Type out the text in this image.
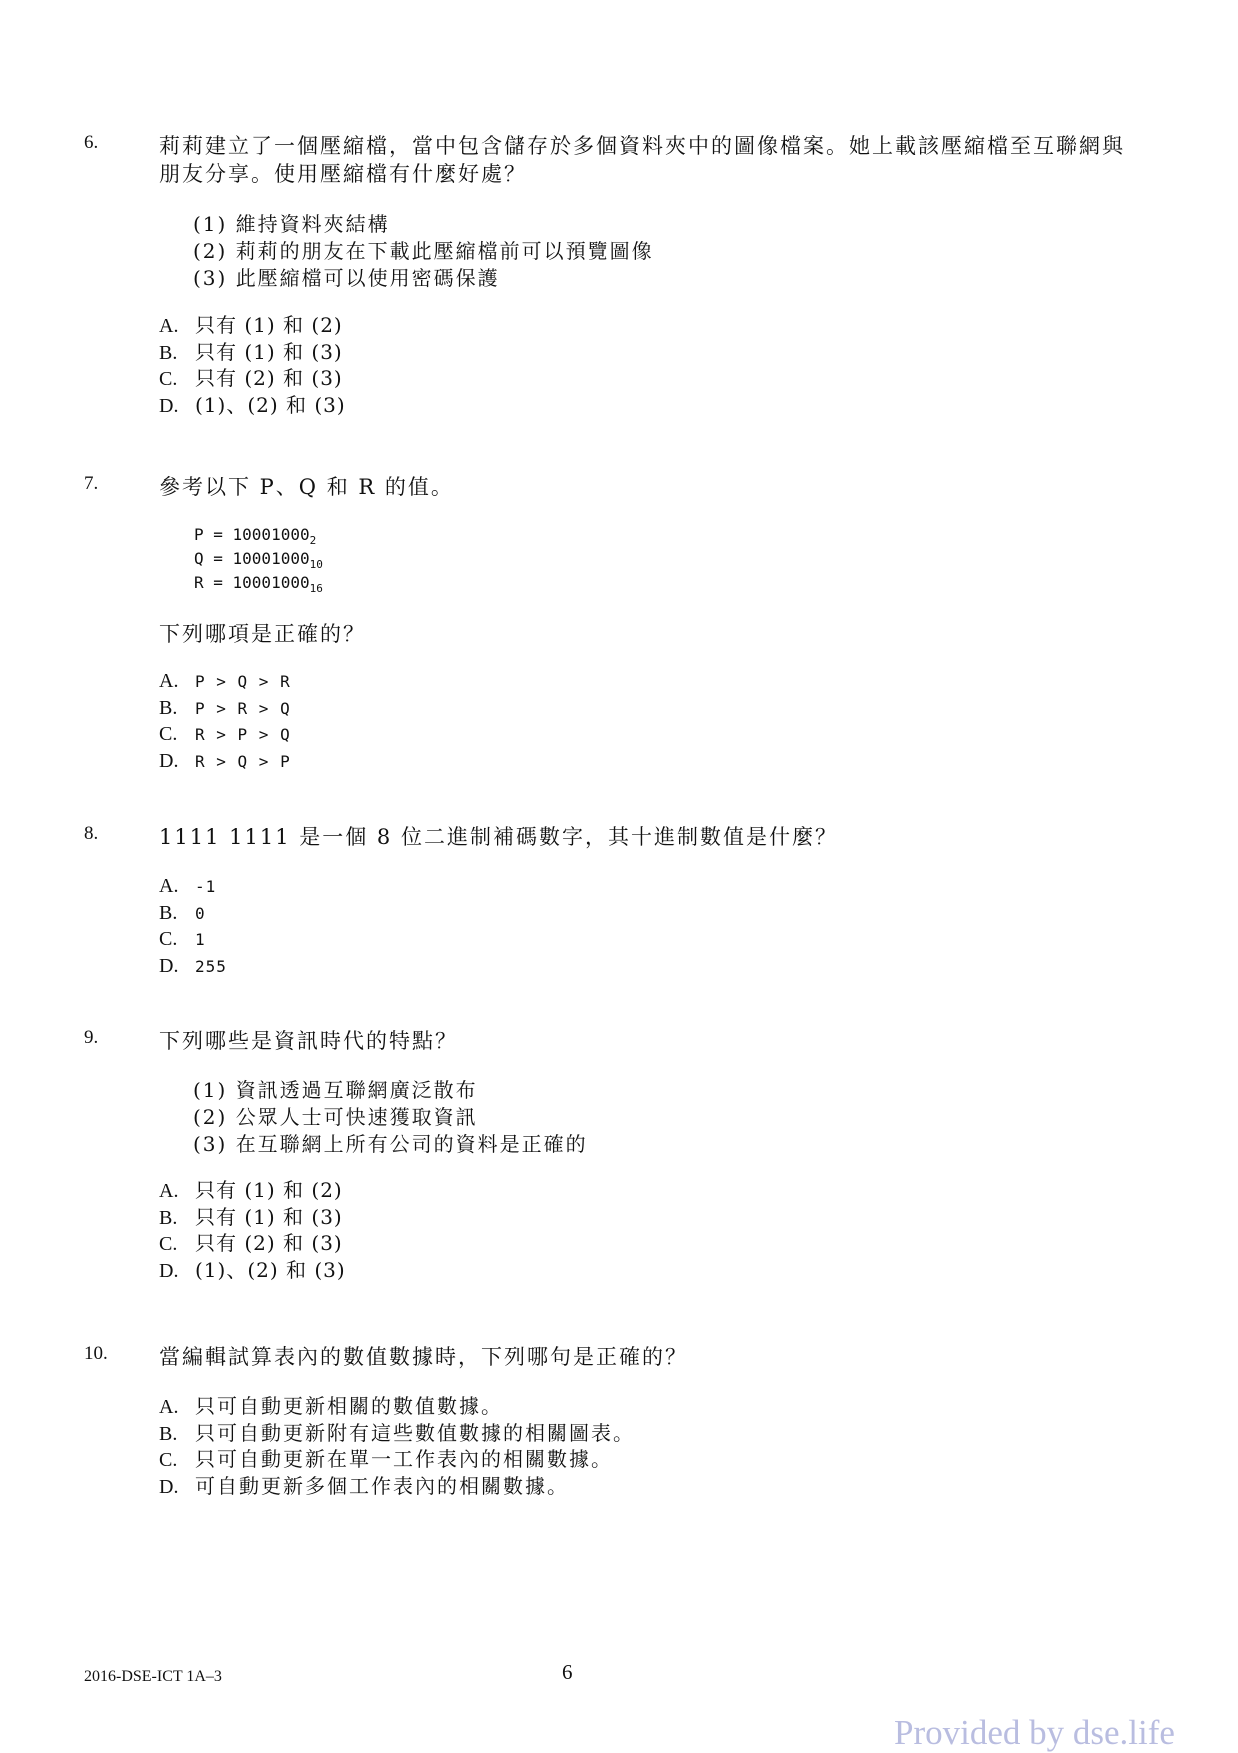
6.	莉莉建立了一個壓縮檔，當中包含儲存於多個資料夾中的圖像檔案。她上載該壓縮檔至互聯網與朋友分享。使用壓縮檔有什麼好處？
(1) 維持資料夾結構
(2) 莉莉的朋友在下載此壓縮檔前可以預覽圖像
(3) 此壓縮檔可以使用密碼保護
A. 只有 (1) 和 (2)
B. 只有 (1) 和 (3)
C. 只有 (2) 和 (3)
D. (1)、(2) 和 (3)
7.	參考以下 P、Q 和 R 的值。
$P = 10001000_2$
$Q = 10001000_{10}$
$R = 10001000_{16}$
下列哪項是正確的？
A. P > Q > R
B. P > R > Q
C. R > P > Q
D. R > Q > P
8.	1111 1111 是一個 8 位二進制補碼數字，其十進制數值是什麼？
A. -1
B. 0
C. 1
D. 255
9.	下列哪些是資訊時代的特點？
(1) 資訊透過互聯網廣泛散布
(2) 公眾人士可快速獲取資訊
(3) 在互聯網上所有公司的資料是正確的
A. 只有 (1) 和 (2)
B. 只有 (1) 和 (3)
C. 只有 (2) 和 (3)
D. (1)、(2) 和 (3)
10. 當編輯試算表內的數值數據時，下列哪句是正確的？
A. 只可自動更新相關的數值數據。
B. 只可自動更新附有這些數值數據的相關圖表。
C. 只可自動更新在單一工作表內的相關數據。
D. 可自動更新多個工作表內的相關數據。
2016-DSE-ICT 1A–3	6
Provided by dse.life
